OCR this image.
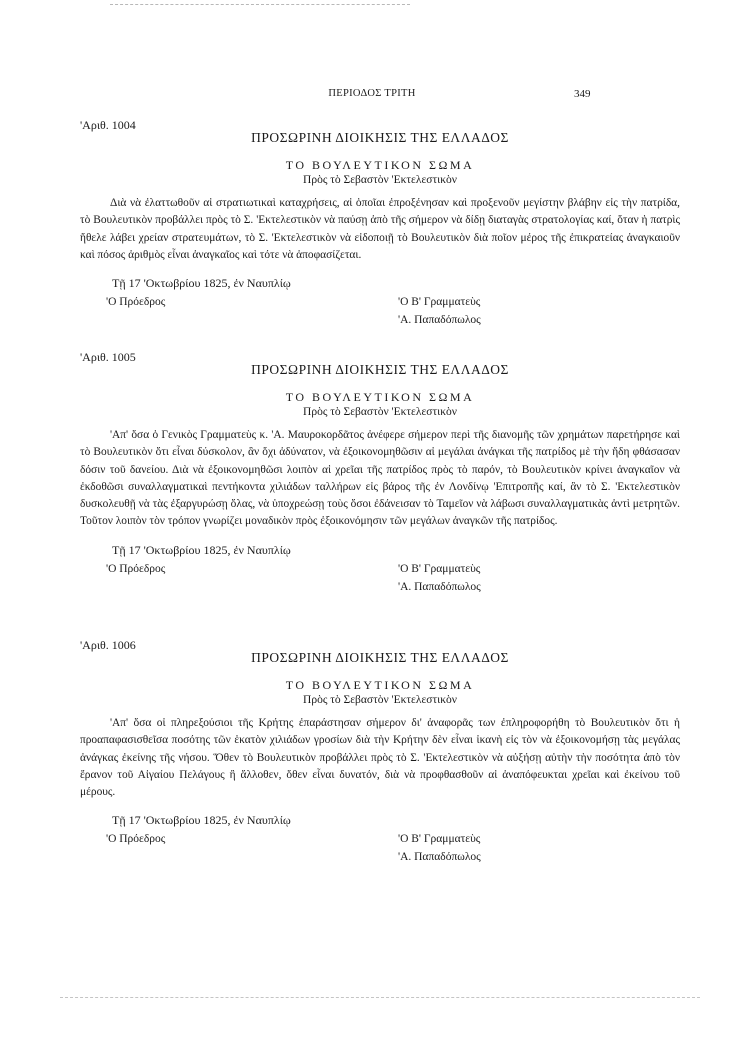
ΠΕΡΙΟΔΟΣ ΤΡΙΤΗ	349
'Αριθ. 1004
ΠΡΟΣΩΡΙΝΗ ΔΙΟΙΚΗΣΙΣ ΤΗΣ ΕΛΛΑΔΟΣ
ΤΟ ΒΟΥΛΕΥΤΙΚΟΝ ΣΩΜΑ
Πρὸς τὸ Σεβαστὸν 'Εκτελεστικὸν
Διὰ νὰ ἐλαττωθοῦν αἱ στρατιωτικαὶ καταχρήσεις, αἱ ὁποῖαι ἐπροξένησαν καὶ προξενοῦν μεγίστην βλάβην εἰς τὴν πατρίδα, τὸ Βουλευτικὸν προβάλλει πρὸς τὸ Σ. 'Εκτελεστικὸν νὰ παύσῃ ἀπὸ τῆς σήμερον νὰ δίδῃ διαταγὰς στρατολογίας καί, ὅταν ἡ πατρὶς ἤθελε λάβει χρείαν στρατευμάτων, τὸ Σ. 'Εκτελεστικὸν νὰ εἰδοποιῇ τὸ Βουλευτικὸν διὰ ποῖον μέρος τῆς ἐπικρατείας ἀναγκαιοῦν καὶ πόσος ἀριθμὸς εἶναι ἀναγκαῖος καὶ τότε νὰ ἀποφασίζεται.
Τῇ 17 'Οκτωβρίου 1825, ἐν Ναυπλίῳ
'Ο Πρόεδρος	'Ο Β' Γραμματεὺς
'Α. Παπαδόπωλος
'Αριθ. 1005
ΠΡΟΣΩΡΙΝΗ ΔΙΟΙΚΗΣΙΣ ΤΗΣ ΕΛΛΑΔΟΣ
ΤΟ ΒΟΥΛΕΥΤΙΚΟΝ ΣΩΜΑ
Πρὸς τὸ Σεβαστὸν 'Εκτελεστικὸν
'Απ' ὅσα ὁ Γενικὸς Γραμματεὺς κ. 'Α. Μαυροκορδᾶτος ἀνέφερε σήμερον περὶ τῆς διανομῆς τῶν χρημάτων παρετήρησε καὶ τὸ Βουλευτικὸν ὅτι εἶναι δύσκολον, ἂν ὄχι ἀδύνατον, νὰ ἐξοικονομηθῶσιν αἱ μεγάλαι ἀνάγκαι τῆς πατρίδος μὲ τὴν ἤδη φθάσασαν δόσιν τοῦ δανείου. Διὰ νὰ ἐξοικονομηθῶσι λοιπὸν αἱ χρεῖαι τῆς πατρίδος πρὸς τὸ παρόν, τὸ Βουλευτικὸν κρίνει ἀναγκαῖον νὰ ἐκδοθῶσι συναλλαγματικαὶ πεντήκοντα χιλιάδων ταλλήρων εἰς βάρος τῆς ἐν Λονδίνῳ 'Επιτροπῆς καί, ἂν τὸ Σ. 'Εκτελεστικὸν δυσκολευθῇ νὰ τὰς ἐξαργυρώσῃ ὅλας, νὰ ὑποχρεώσῃ τοὺς ὅσοι ἐδάνεισαν τὸ Ταμεῖον νὰ λάβωσι συναλλαγματικὰς ἀντὶ μετρητῶν. Τοῦτον λοιπὸν τὸν τρόπον γνωρίζει μοναδικὸν πρὸς ἐξοικονόμησιν τῶν μεγάλων ἀναγκῶν τῆς πατρίδος.
Τῇ 17 'Οκτωβρίου 1825, ἐν Ναυπλίῳ
'Ο Πρόεδρος	'Ο Β' Γραμματεὺς
'Α. Παπαδόπωλος
'Αριθ. 1006
ΠΡΟΣΩΡΙΝΗ ΔΙΟΙΚΗΣΙΣ ΤΗΣ ΕΛΛΑΔΟΣ
ΤΟ ΒΟΥΛΕΥΤΙΚΟΝ ΣΩΜΑ
Πρὸς τὸ Σεβαστὸν 'Εκτελεστικὸν
'Απ' ὅσα οἱ πληρεξούσιοι τῆς Κρήτης ἐπαράστησαν σήμερον δι' ἀναφορᾶς των ἐπληροφορήθη τὸ Βουλευτικὸν ὅτι ἡ προαπαφασισθεῖσα ποσότης τῶν ἑκατὸν χιλιάδων γροσίων διὰ τὴν Κρήτην δὲν εἶναι ἱκανὴ εἰς τὸν νὰ ἐξοικονομήσῃ τὰς μεγάλας ἀνάγκας ἐκείνης τῆς νήσου. Ὅθεν τὸ Βουλευτικὸν προβάλλει πρὸς τὸ Σ. 'Εκτελεστικὸν νὰ αὐξήσῃ αὐτὴν τὴν ποσότητα ἀπὸ τὸν ἔρανον τοῦ Αἰγαίου Πελάγους ἢ ἄλλοθεν, ὅθεν εἶναι δυνατόν, διὰ νὰ προφθασθοῦν αἱ ἀναπόφευκται χρεῖαι καὶ ἐκείνου τοῦ μέρους.
Τῇ 17 'Οκτωβρίου 1825, ἐν Ναυπλίῳ
'Ο Πρόεδρος	'Ο Β' Γραμματεὺς
'Α. Παπαδόπωλος
